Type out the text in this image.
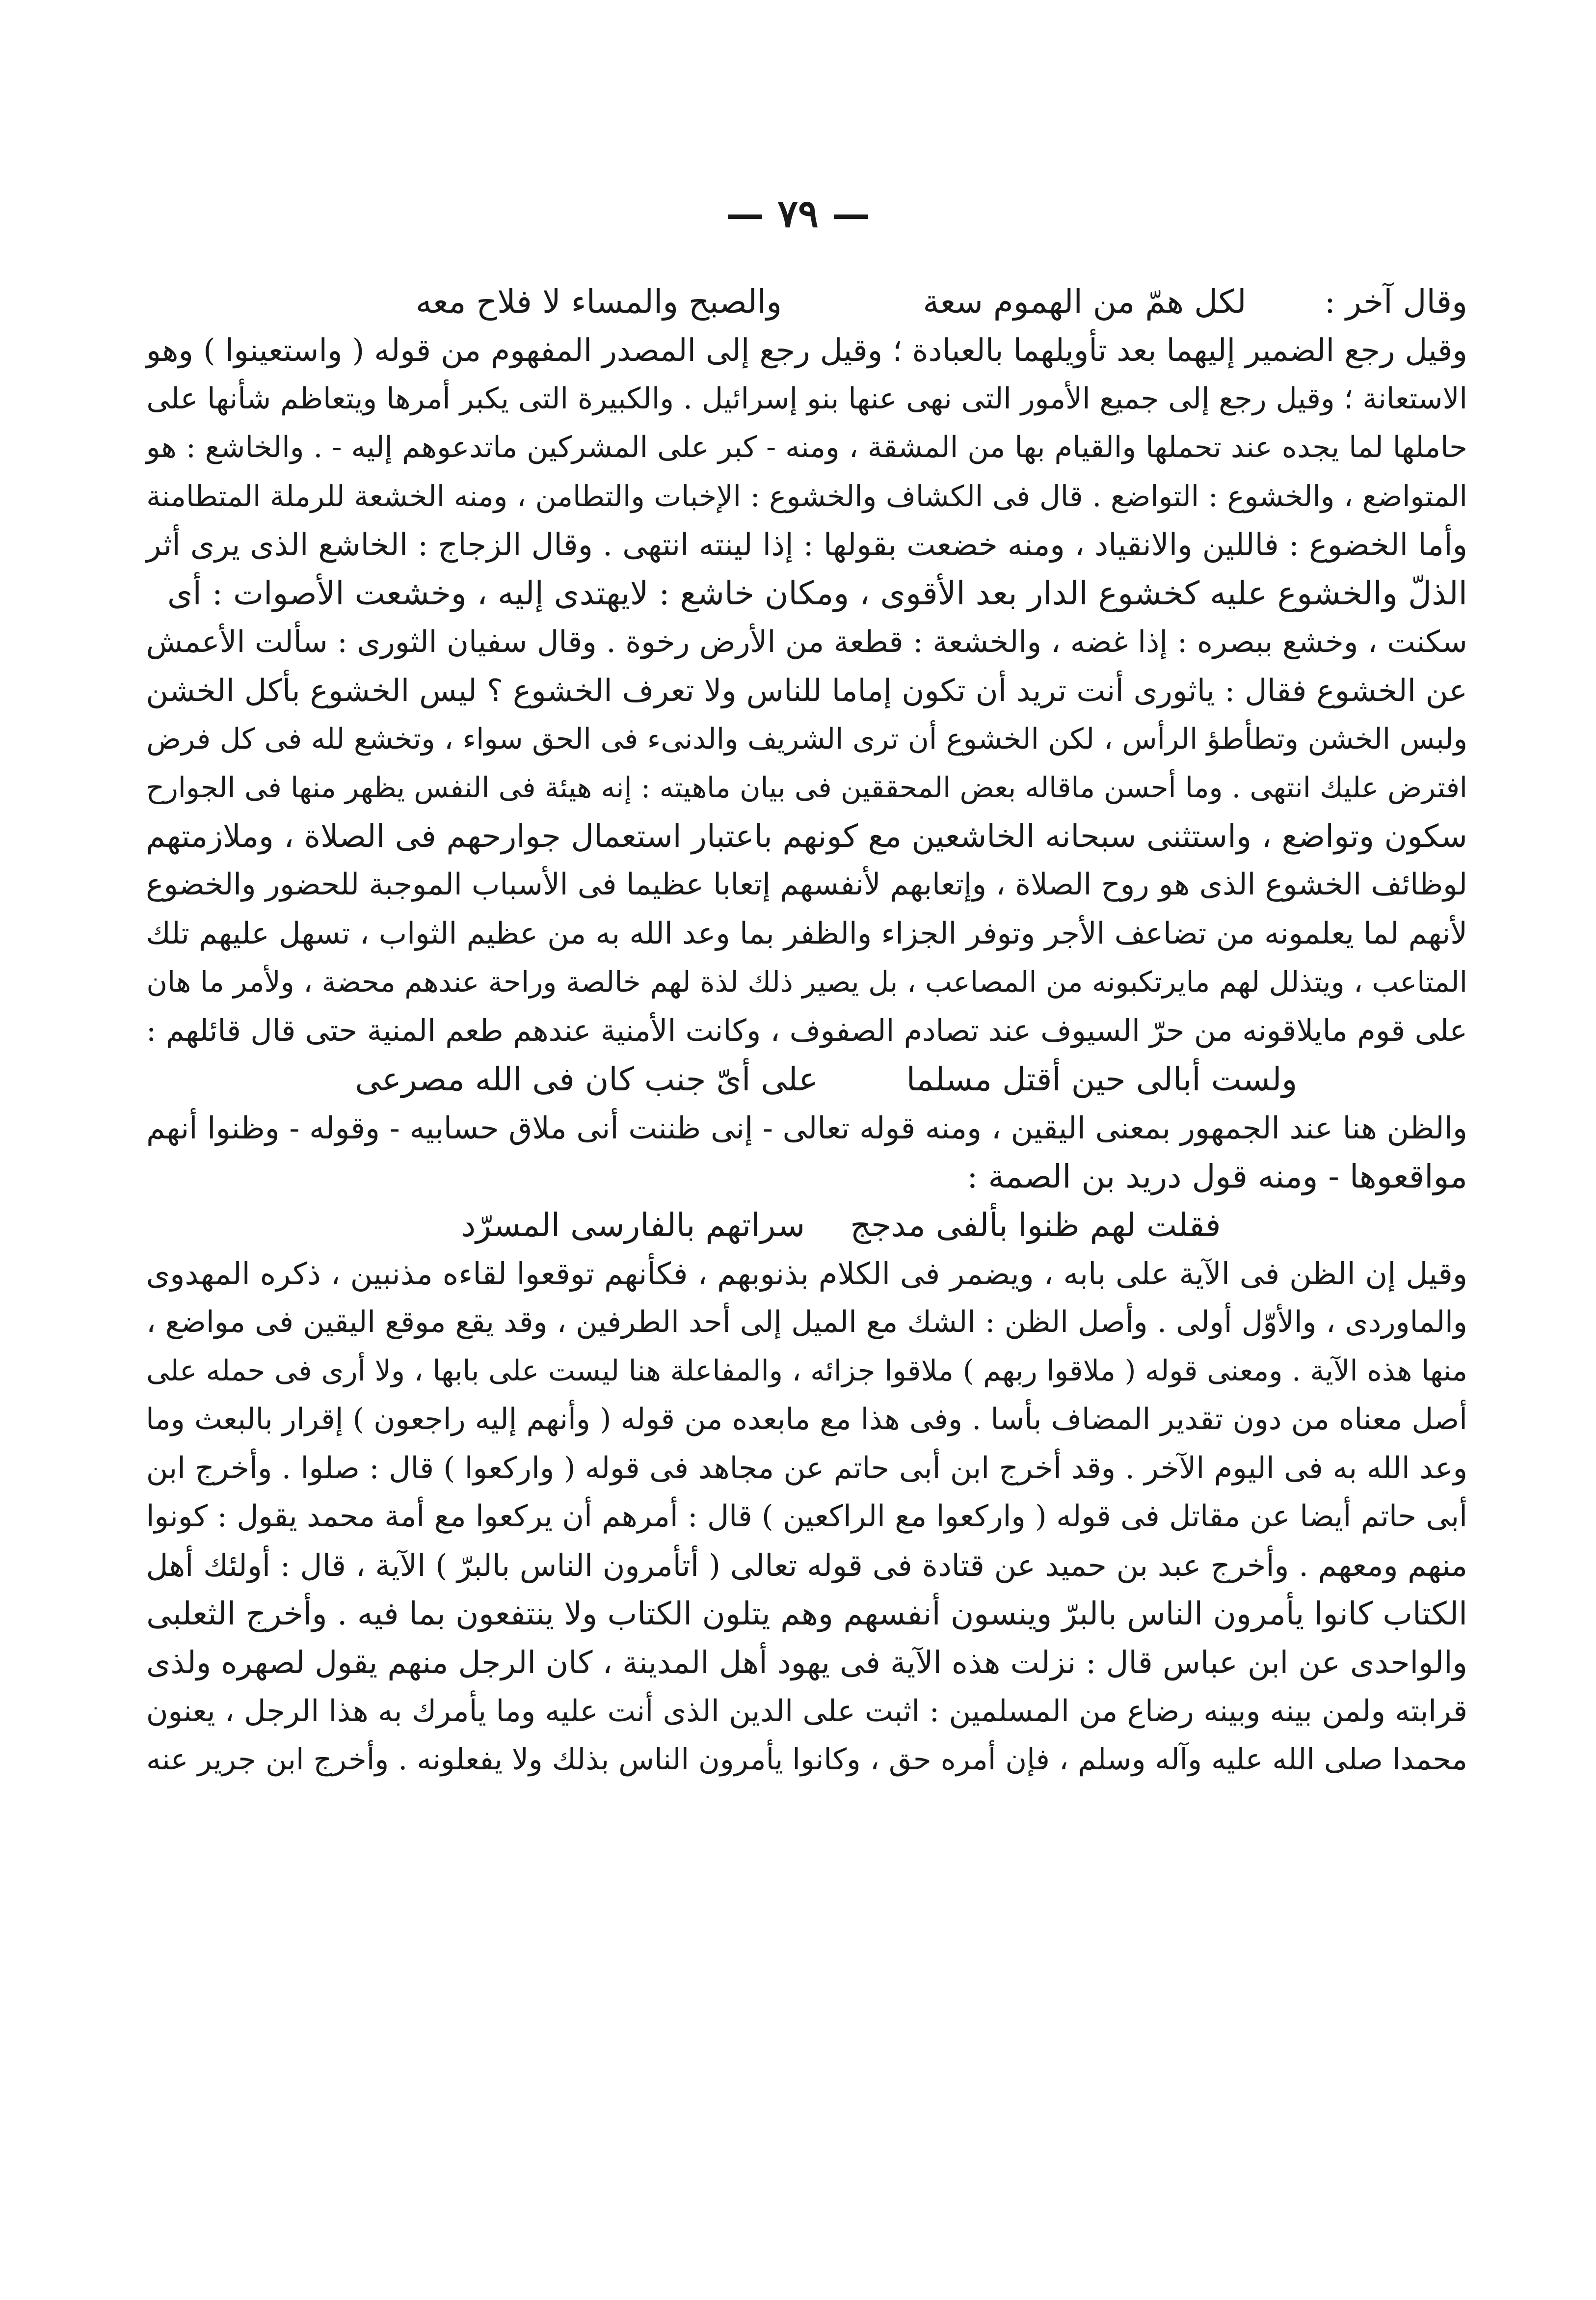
— ٧٩ —
وقال آخر :
لكل همّ من الهموم سعة
والصبح والمساء لا فلاح معه
وقيل رجع الضمير إليهما بعد تأويلهما بالعبادة ؛ وقيل رجع إلى المصدر المفهوم من قوله ( واستعينوا ) وهو
الاستعانة ؛ وقيل رجع إلى جميع الأمور التى نهى عنها بنو إسرائيل . والكبيرة التى يكبر أمرها ويتعاظم شأنها على
حاملها لما يجده عند تحملها والقيام بها من المشقة ، ومنه - كبر على المشركين ماتدعوهم إليه - . والخاشع : هو
المتواضع ، والخشوع : التواضع . قال فى الكشاف والخشوع : الإخبات والتطامن ، ومنه الخشعة للرملة المتطامنة
وأما الخضوع : فاللين والانقياد ، ومنه خضعت بقولها : إذا لينته انتهى . وقال الزجاج : الخاشع الذى يرى أثر
الذلّ والخشوع عليه كخشوع الدار بعد الأقوى ، ومكان خاشع : لايهتدى إليه ، وخشعت الأصوات : أى
سكنت ، وخشع ببصره : إذا غضه ، والخشعة : قطعة من الأرض رخوة . وقال سفيان الثورى : سألت الأعمش
عن الخشوع فقال : ياثورى أنت تريد أن تكون إماما للناس ولا تعرف الخشوع ؟ ليس الخشوع بأكل الخشن
ولبس الخشن وتطأطؤ الرأس ، لكن الخشوع أن ترى الشريف والدنىء فى الحق سواء ، وتخشع لله فى كل فرض
افترض عليك انتهى . وما أحسن ماقاله بعض المحققين فى بيان ماهيته : إنه هيئة فى النفس يظهر منها فى الجوارح
سكون وتواضع ، واستثنى سبحانه الخاشعين مع كونهم باعتبار استعمال جوارحهم فى الصلاة ، وملازمتهم
لوظائف الخشوع الذى هو روح الصلاة ، وإتعابهم لأنفسهم إتعابا عظيما فى الأسباب الموجبة للحضور والخضوع
لأنهم لما يعلمونه من تضاعف الأجر وتوفر الجزاء والظفر بما وعد الله به من عظيم الثواب ، تسهل عليهم تلك
المتاعب ، ويتذلل لهم مايرتكبونه من المصاعب ، بل يصير ذلك لذة لهم خالصة وراحة عندهم محضة ، ولأمر ما هان
على قوم مايلاقونه من حرّ السيوف عند تصادم الصفوف ، وكانت الأمنية عندهم طعم المنية حتى قال قائلهم :
ولست أبالى حين أقتل مسلما
على أىّ جنب كان فى الله مصرعى
والظن هنا عند الجمهور بمعنى اليقين ، ومنه قوله تعالى - إنى ظننت أنى ملاق حسابيه - وقوله - وظنوا أنهم
مواقعوها - ومنه قول دريد بن الصمة :
فقلت لهم ظنوا بألفى مدجج
سراتهم بالفارسى المسرّد
وقيل إن الظن فى الآية على بابه ، ويضمر فى الكلام بذنوبهم ، فكأنهم توقعوا لقاءه مذنبين ، ذكره المهدوى
والماوردى ، والأوّل أولى . وأصل الظن : الشك مع الميل إلى أحد الطرفين ، وقد يقع موقع اليقين فى مواضع ،
منها هذه الآية . ومعنى قوله ( ملاقوا ربهم ) ملاقوا جزائه ، والمفاعلة هنا ليست على بابها ، ولا أرى فى حمله على
أصل معناه من دون تقدير المضاف بأسا . وفى هذا مع مابعده من قوله ( وأنهم إليه راجعون ) إقرار بالبعث وما
وعد الله به فى اليوم الآخر . وقد أخرج ابن أبى حاتم عن مجاهد فى قوله ( واركعوا ) قال : صلوا . وأخرج ابن
أبى حاتم أيضا عن مقاتل فى قوله ( واركعوا مع الراكعين ) قال : أمرهم أن يركعوا مع أمة محمد يقول : كونوا
منهم ومعهم . وأخرج عبد بن حميد عن قتادة فى قوله تعالى ( أتأمرون الناس بالبرّ ) الآية ، قال : أولئك أهل
الكتاب كانوا يأمرون الناس بالبرّ وينسون أنفسهم وهم يتلون الكتاب ولا ينتفعون بما فيه . وأخرج الثعلبى
والواحدى عن ابن عباس قال : نزلت هذه الآية فى يهود أهل المدينة ، كان الرجل منهم يقول لصهره ولذى
قرابته ولمن بينه وبينه رضاع من المسلمين : اثبت على الدين الذى أنت عليه وما يأمرك به هذا الرجل ، يعنون
محمدا صلى الله عليه وآله وسلم ، فإن أمره حق ، وكانوا يأمرون الناس بذلك ولا يفعلونه . وأخرج ابن جرير عنه
